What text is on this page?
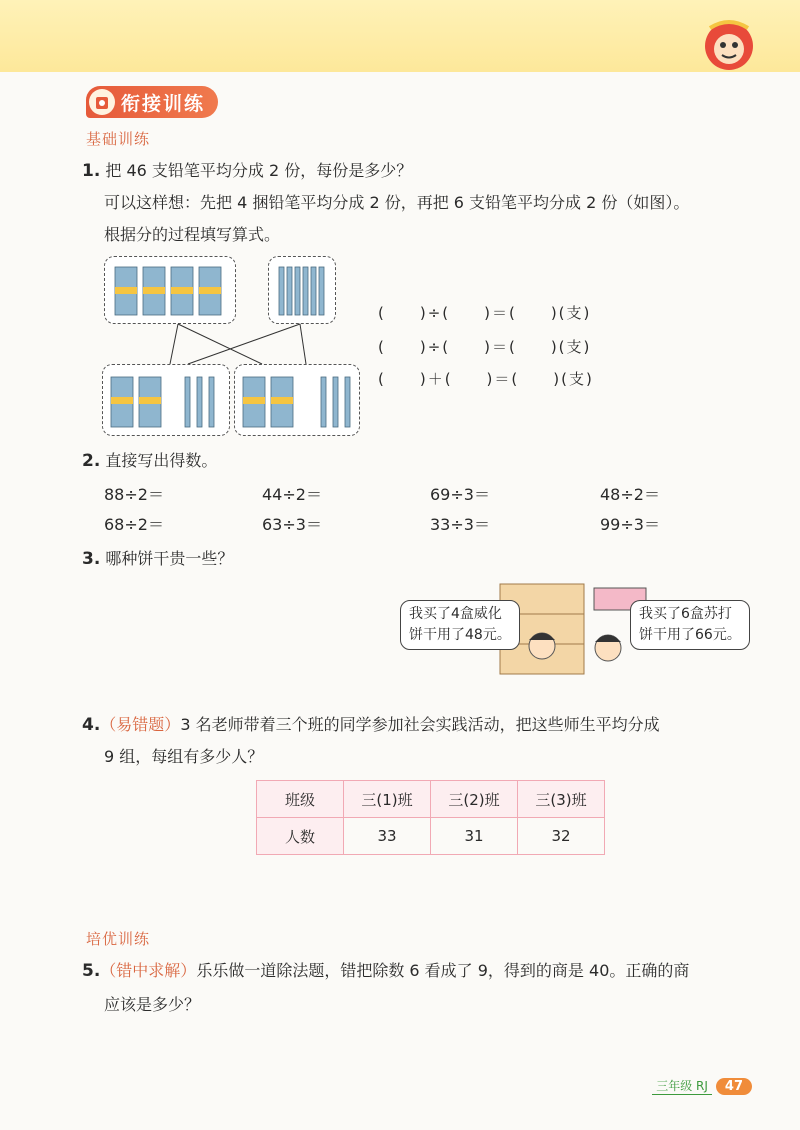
衔接训练
基础训练
1. 把 46 支铅笔平均分成 2 份，每份是多少？
可以这样想：先把 4 捆铅笔平均分成 2 份，再把 6 支铅笔平均分成 2 份（如图）。
根据分的过程填写算式。
(　　)÷(　　)＝(　　)(支)
(　　)÷(　　)＝(　　)(支)
(　　)＋(　　)＝(　　)(支)
2. 直接写出得数。
88÷2＝	44÷2＝	69÷3＝	48÷2＝
68÷2＝	63÷3＝	33÷3＝	99÷3＝
3. 哪种饼干贵一些？
我买了4盒威化
饼干用了48元。
我买了6盒苏打
饼干用了66元。
4.（易错题）3 名老师带着三个班的同学参加社会实践活动，把这些师生平均分成
9 组，每组有多少人？
班级	三(1)班	三(2)班	三(3)班
人数	33	31	32
培优训练
5.（错中求解）乐乐做一道除法题，错把除数 6 看成了 9，得到的商是 40。正确的商
应该是多少？
三年级 RJ	47
